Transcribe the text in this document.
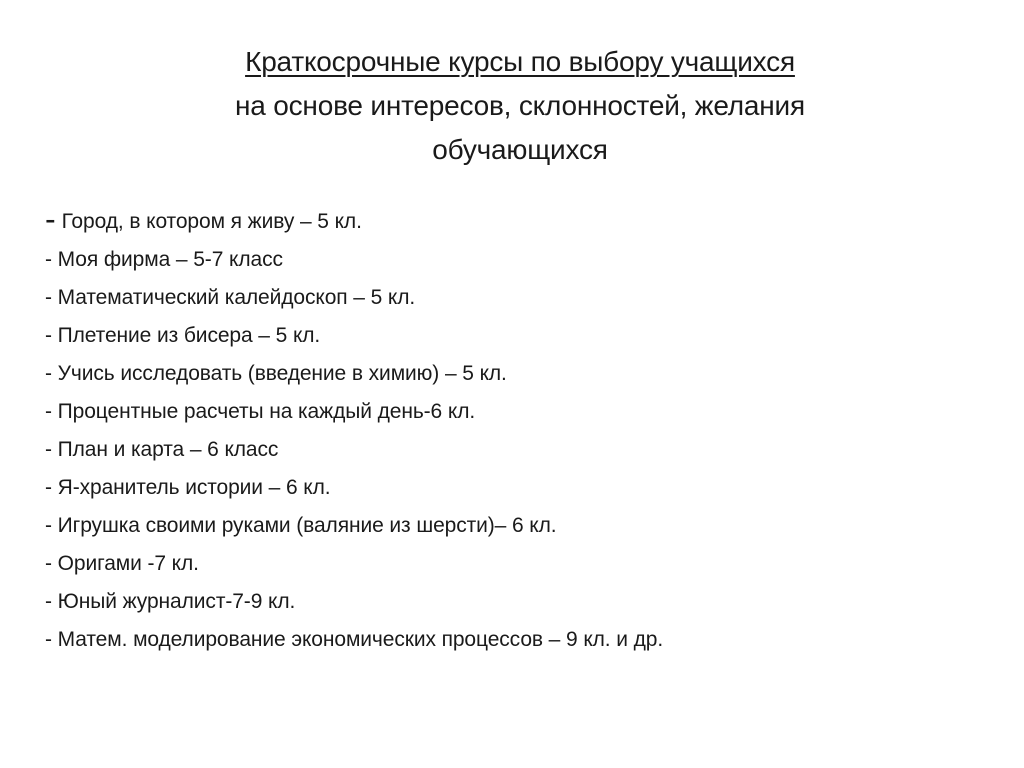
Краткосрочные курсы по выбору учащихся
на основе интересов, склонностей, желания
обучающихся
- Город, в котором я живу – 5 кл.
- Моя фирма – 5-7 класс
- Математический калейдоскоп – 5 кл.
- Плетение из бисера – 5 кл.
- Учись исследовать (введение в химию) – 5 кл.
- Процентные расчеты на каждый день-6 кл.
- План и карта – 6 класс
- Я-хранитель истории – 6 кл.
- Игрушка своими руками (валяние из шерсти)– 6 кл.
- Оригами -7 кл.
- Юный журналист-7-9 кл.
- Матем. моделирование экономических процессов – 9 кл. и др.
